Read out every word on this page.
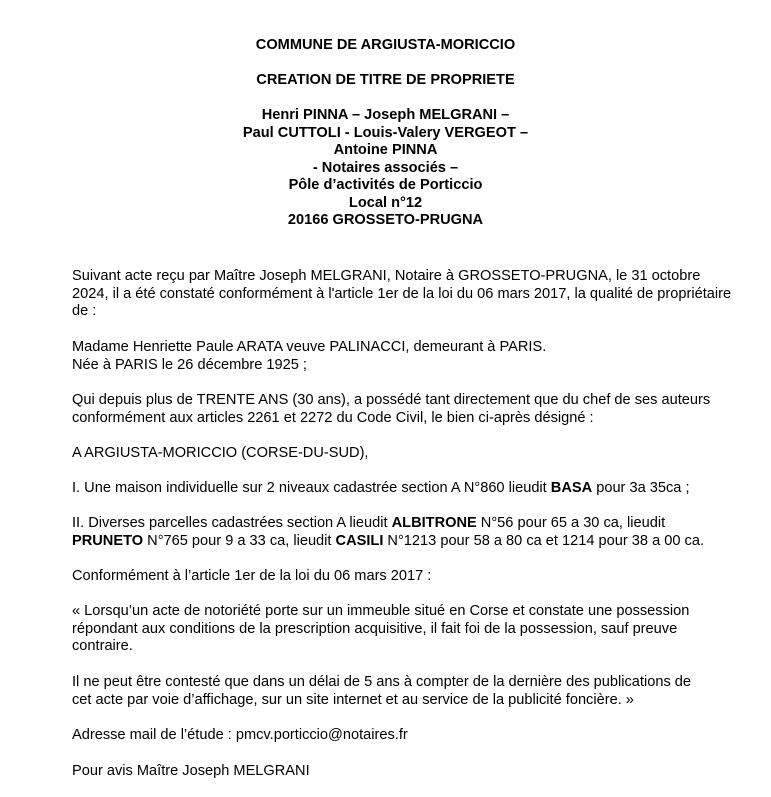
COMMUNE DE ARGIUSTA-MORICCIO
CREATION DE TITRE DE PROPRIETE
Henri PINNA – Joseph MELGRANI –
Paul CUTTOLI - Louis-Valery VERGEOT –
Antoine PINNA
- Notaires associés –
Pôle d’activités de Porticcio
Local n°12
20166 GROSSETO-PRUGNA
Suivant acte reçu par Maître Joseph MELGRANI, Notaire à GROSSETO-PRUGNA, le 31 octobre
2024, il a été constaté conformément à l'article 1er de la loi du 06 mars 2017, la qualité de propriétaire
de :
Madame Henriette Paule ARATA veuve PALINACCI, demeurant à PARIS.
Née à PARIS le 26 décembre 1925 ;
Qui depuis plus de TRENTE ANS (30 ans), a possédé tant directement que du chef de ses auteurs
conformément aux articles 2261 et 2272 du Code Civil, le bien ci-après désigné :
A ARGIUSTA-MORICCIO (CORSE-DU-SUD),
I. Une maison individuelle sur 2 niveaux cadastrée section A N°860 lieudit BASA pour 3a 35ca ;
II. Diverses parcelles cadastrées section A lieudit ALBITRONE N°56 pour 65 a 30 ca, lieudit
PRUNETO N°765 pour 9 a 33 ca, lieudit CASILI N°1213 pour 58 a 80 ca et 1214 pour 38 a 00 ca.
Conformément à l’article 1er de la loi du 06 mars 2017 :
« Lorsqu’un acte de notoriété porte sur un immeuble situé en Corse et constate une possession
répondant aux conditions de la prescription acquisitive, il fait foi de la possession, sauf preuve
contraire.
Il ne peut être contesté que dans un délai de 5 ans à compter de la dernière des publications de
cet acte par voie d’affichage, sur un site internet et au service de la publicité foncière. »
Adresse mail de l’étude : pmcv.porticcio@notaires.fr
Pour avis Maître Joseph MELGRANI
